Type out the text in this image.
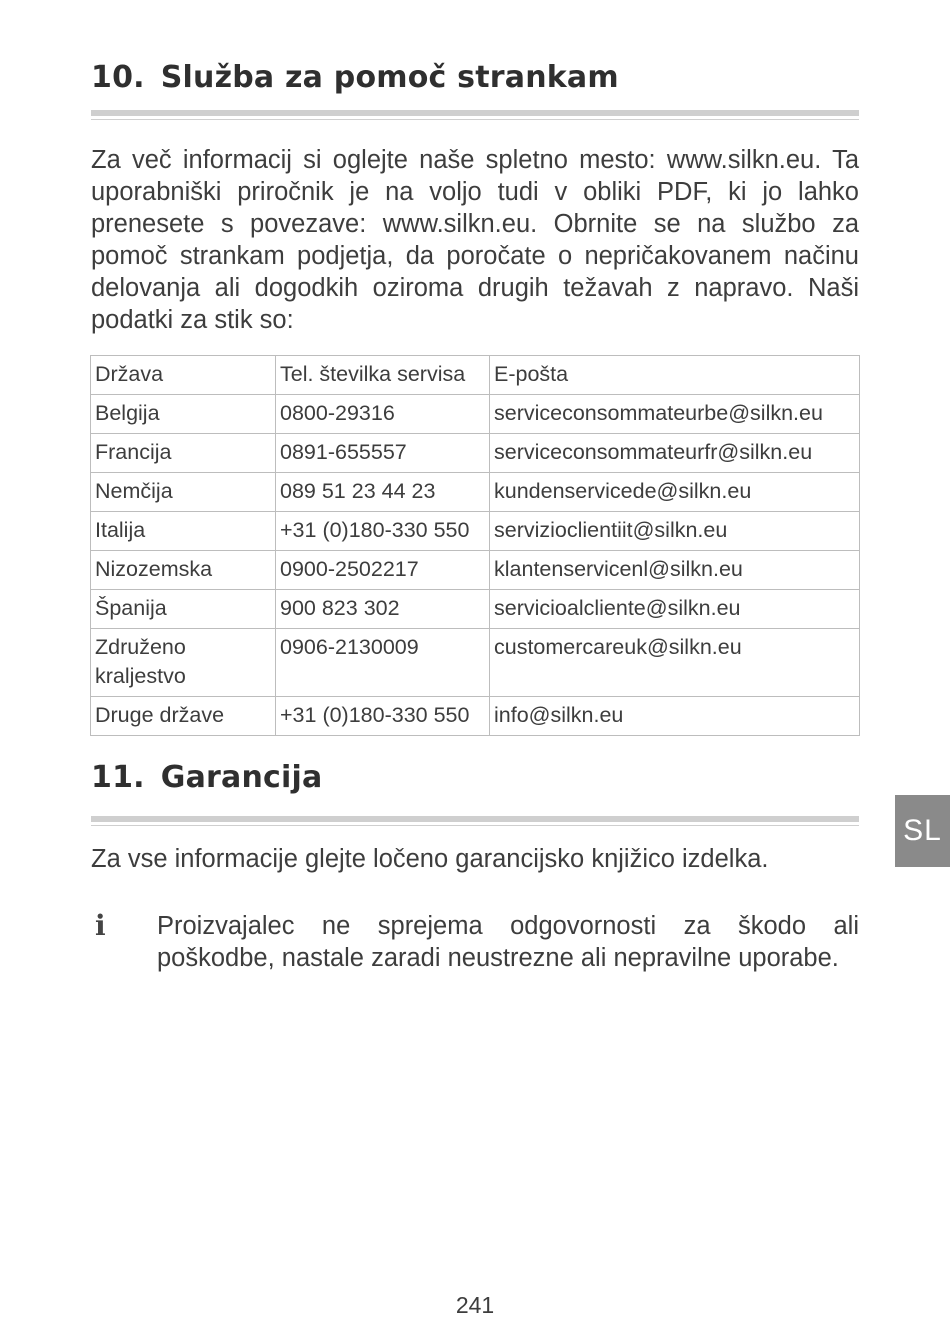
10. Služba za pomoč strankam

Za več informacij si oglejte naše spletno mesto: www.silkn.eu. Ta uporabniški priročnik je na voljo tudi v obliki PDF, ki jo lahko prenesete s povezave: www.silkn.eu. Obrnite se na službo za pomoč strankam podjetja, da poročate o nepričakovanem načinu delovanja ali dogodkih oziroma drugih težavah z napravo. Naši podatki za stik so:

Država	Tel. številka servisa	E-pošta
Belgija	0800-29316	serviceconsommateurbe@silkn.eu
Francija	0891-655557	serviceconsommateurfr@silkn.eu
Nemčija	089 51 23 44 23	kundenservicede@silkn.eu
Italija	+31 (0)180-330 550	servizioclientiit@silkn.eu
Nizozemska	0900-2502217	klantenservicenl@silkn.eu
Španija	900 823 302	servicioalcliente@silkn.eu
Združeno kraljestvo	0906-2130009	customercareuk@silkn.eu
Druge države	+31 (0)180-330 550	info@silkn.eu
11. Garancija

Za vse informacije glejte ločeno garancijsko knjižico izdelka.

i	Proizvajalec ne sprejema odgovornosti za škodo ali poškodbe, nastale zaradi neustrezne ali nepravilne uporabe.
SL
241
